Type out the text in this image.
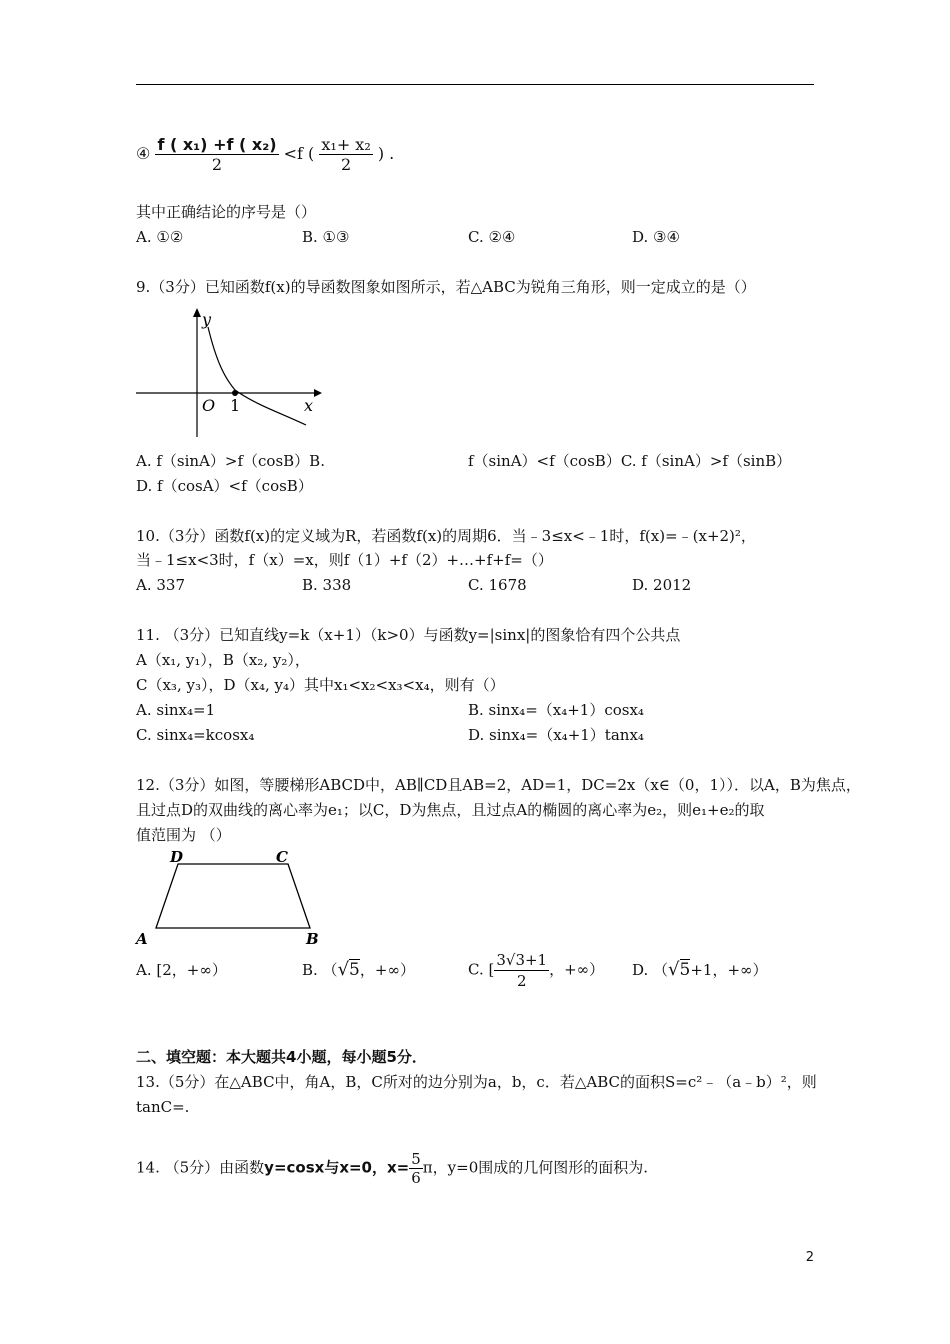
④ $\frac{\text{f ( x₁) +f ( x₂)}}{2} <f$ ( $\frac{\text{x₁+ x₂}}{2}$ ) .
其中正确结论的序号是（）
A. ①②	B. ①③	C. ②④	D. ③④
9.（3分）已知函数f(x)的导函数图象如图所示，若△ABC为锐角三角形，则一定成立的是（）
y
x
O 1
A. f（sinA）>f（cosB）B.	f（sinA）<f（cosB）C. f（sinA）>f（sinB）
D. f（cosA）<f（cosB）
10.（3分）函数f(x)的定义域为R，若函数f(x)的周期6．当﹣3≤x<﹣1时，f(x)=﹣(x+2)²，
当﹣1≤x<3时，f（x）=x，则f（1）+f（2）+…+f+f=（）
A. 337	B. 338	C. 1678	D. 2012
11. （3分）已知直线y=k（x+1）（k>0）与函数y=|sinx|的图象恰有四个公共点
A（x₁, y₁），B（x₂, y₂），
C（x₃, y₃），D（x₄, y₄）其中x₁<x₂<x₃<x₄，则有（）
A. sinx₄=1	B. sinx₄=（x₄+1）cosx₄
C. sinx₄=kcosx₄	D. sinx₄=（x₄+1）tanx₄
12.（3分）如图，等腰梯形ABCD中，AB∥CD且AB=2，AD=1，DC=2x（x∈（0，1））．以A，B为焦点，
且过点D的双曲线的离心率为e₁；以C，D为焦点，且过点A的椭圆的离心率为e₂，则e₁+e₂的取
值范围为 （）
D	C
A	B
A. [2，+∞）	B. （√5，+∞）	C. [ $\frac{3√3+1}{2}$ ，+∞） D. （√5+1，+∞）
二、填空题：本大题共4小题，每小题5分．
13.（5分）在△ABC中，角A，B，C所对的边分别为a，b，c．若△ABC的面积S=c²﹣（a﹣b）²，则
tanC=.
14. （5分）由函数y=cosx与x=0，$x= \frac{5}{6}$ π，y=0围成的几何图形的面积为.
2
